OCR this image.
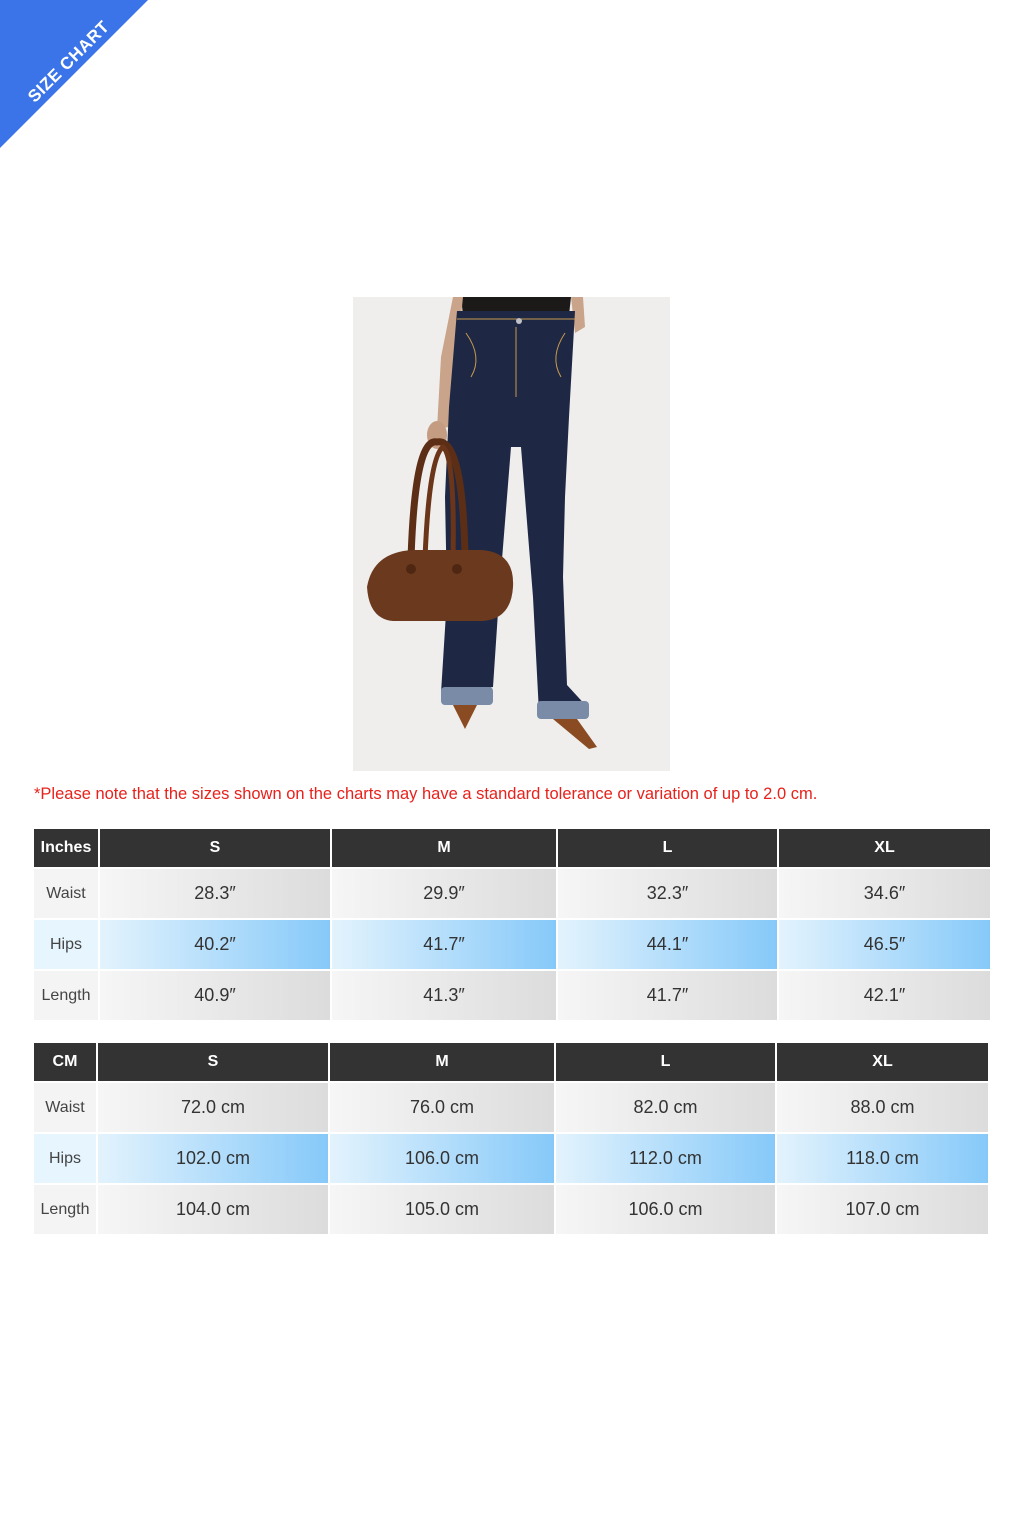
SIZE CHART
*Please note that the sizes shown on the charts may have a standard tolerance or variation of up to 2.0 cm.
Inches	S	M	L	XL
Waist	28.3″	29.9″	32.3″	34.6″
Hips	40.2″	41.7″	44.1″	46.5″
Length	40.9″	41.3″	41.7″	42.1″
CM	S	M	L	XL
Waist	72.0 cm	76.0 cm	82.0 cm	88.0 cm
Hips	102.0 cm	106.0 cm	112.0 cm	118.0 cm
Length	104.0 cm	105.0 cm	106.0 cm	107.0 cm
